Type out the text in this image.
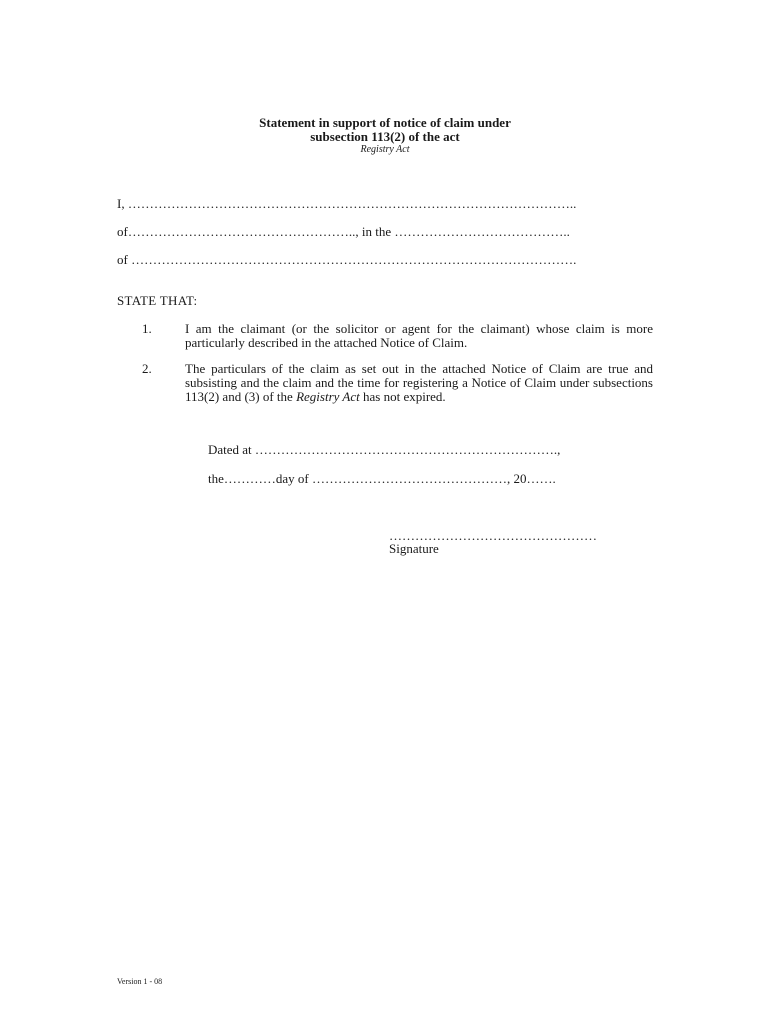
Statement in support of notice of claim under

subsection 113(2) of the act

Registry Act

I, …………………………………………………………………………………………..
of…………………………………………….., in the …………………………………..
of ………………………………………………………………………………………….
STATE THAT:
1.	I am the claimant (or the solicitor or agent for the claimant) whose claim is more particularly described in the attached Notice of Claim.
2.	The particulars of the claim as set out in the attached Notice of Claim are true and subsisting and the claim and the time for registering a Notice of Claim under subsections 113(2) and (3) of the Registry Act has not expired.
Dated at …………………………………………………………….,
the…………day of ………………………………………, 20…….
…………………………………………
Signature
Version 1 - 08
